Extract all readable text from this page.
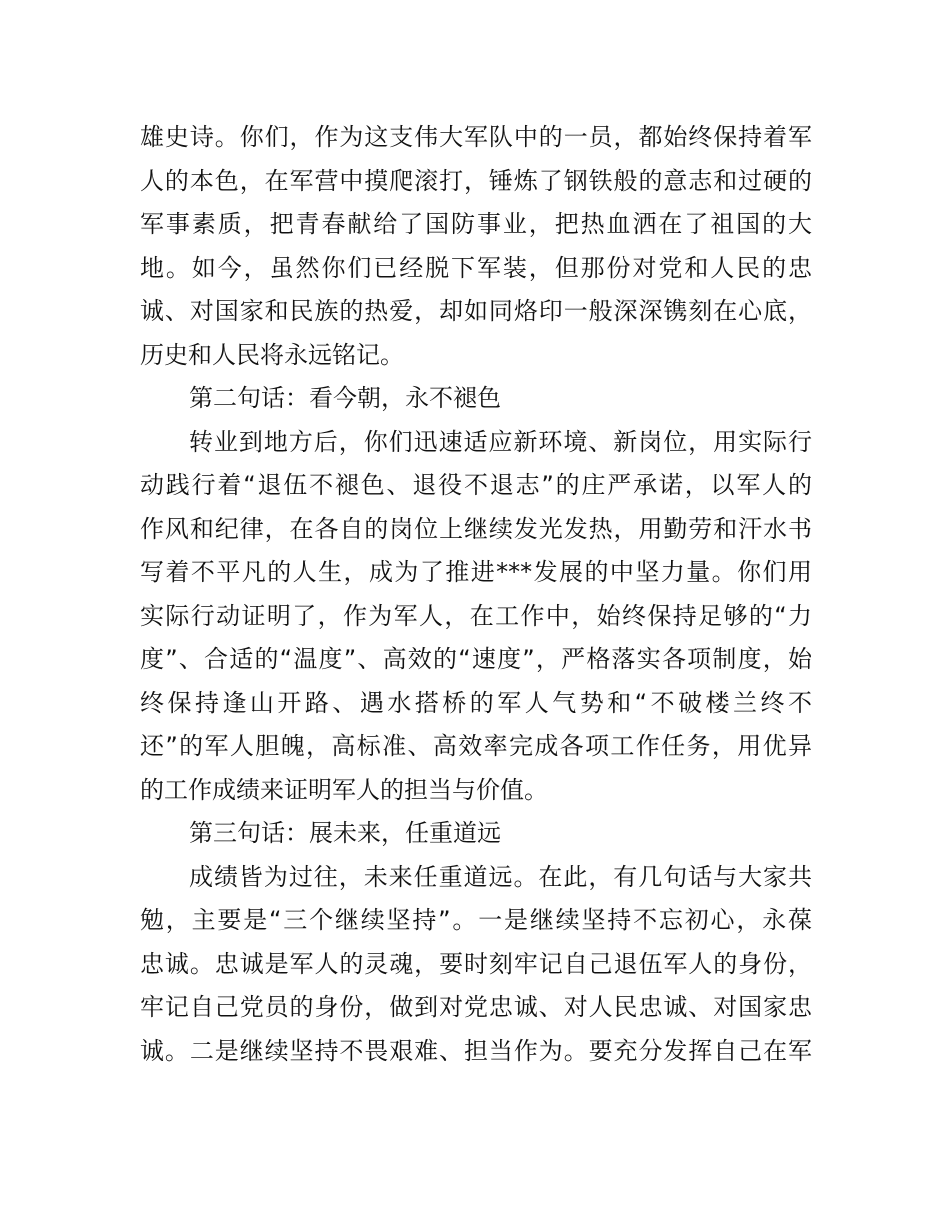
雄史诗。你们，作为这支伟大军队中的一员，都始终保持着军
人的本色，在军营中摸爬滚打，锤炼了钢铁般的意志和过硬的
军事素质，把青春献给了国防事业，把热血洒在了祖国的大
地。如今，虽然你们已经脱下军装，但那份对党和人民的忠
诚、对国家和民族的热爱，却如同烙印一般深深镌刻在心底，
历史和人民将永远铭记。
第二句话：看今朝，永不褪色
转业到地方后，你们迅速适应新环境、新岗位，用实际行
动践行着“退伍不褪色、退役不退志”的庄严承诺，以军人的
作风和纪律，在各自的岗位上继续发光发热，用勤劳和汗水书
写着不平凡的人生，成为了推进***发展的中坚力量。你们用
实际行动证明了，作为军人，在工作中，始终保持足够的“力
度”、合适的“温度”、高效的“速度”，严格落实各项制度，始
终保持逢山开路、遇水搭桥的军人气势和“不破楼兰终不
还”的军人胆魄，高标准、高效率完成各项工作任务，用优异
的工作成绩来证明军人的担当与价值。
第三句话：展未来，任重道远
成绩皆为过往，未来任重道远。在此，有几句话与大家共
勉，主要是“三个继续坚持”。一是继续坚持不忘初心，永葆
忠诚。忠诚是军人的灵魂，要时刻牢记自己退伍军人的身份，
牢记自己党员的身份，做到对党忠诚、对人民忠诚、对国家忠
诚。二是继续坚持不畏艰难、担当作为。要充分发挥自己在军
